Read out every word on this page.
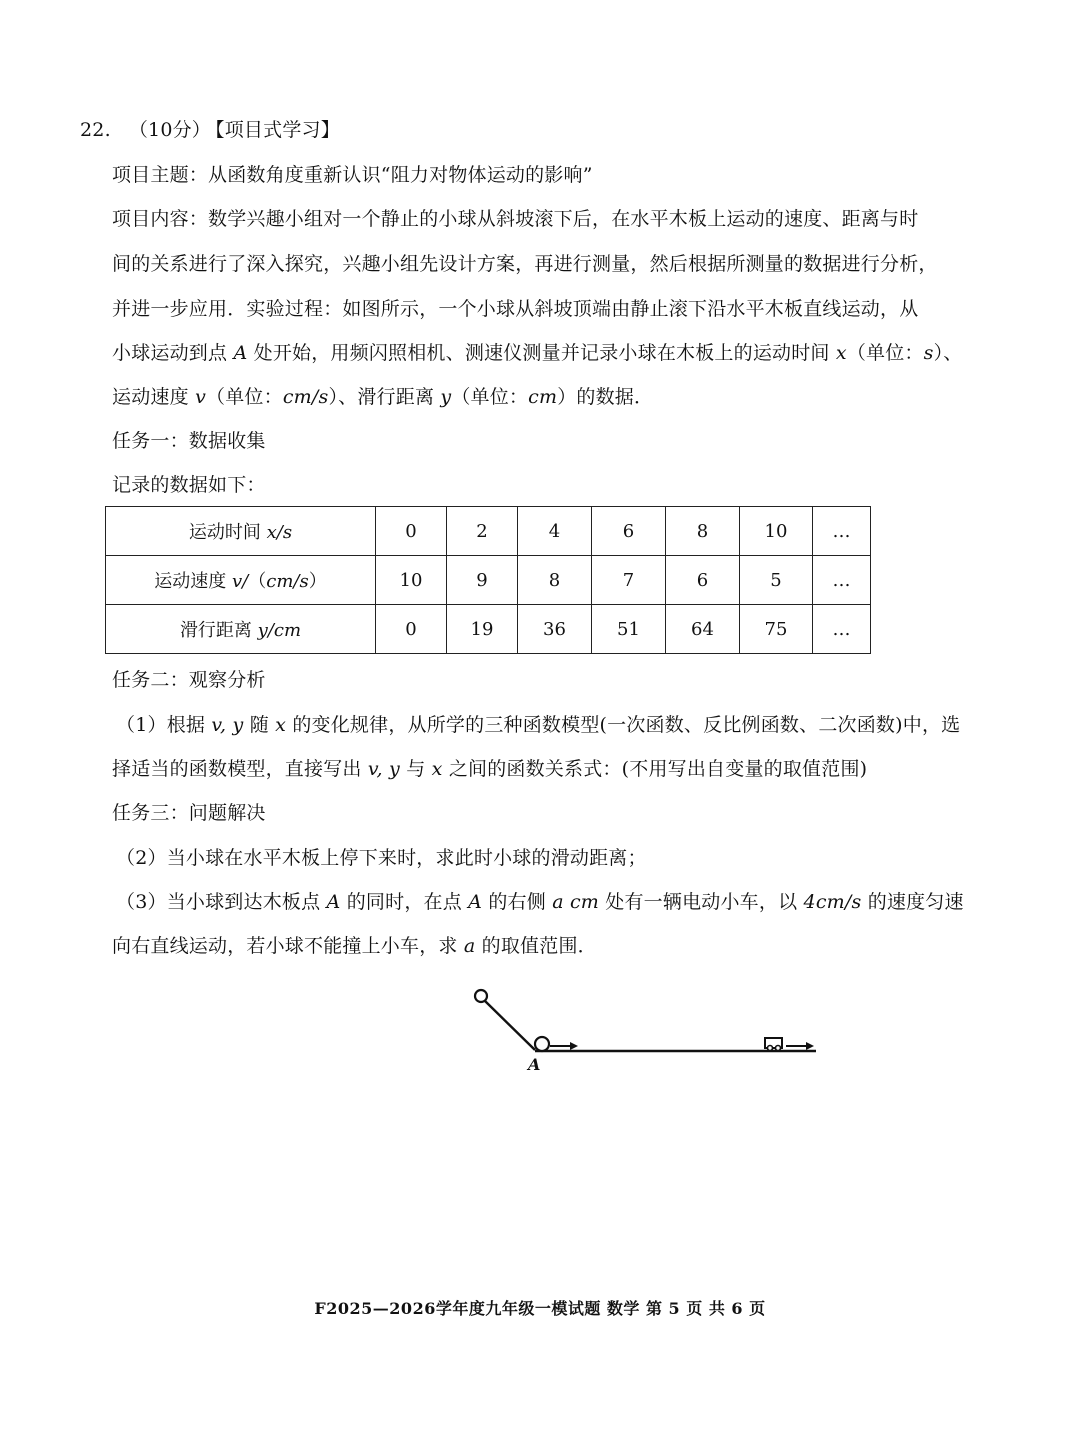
22. （10分） 【项目式学习】
项目主题：从函数角度重新认识“阻力对物体运动的影响”
项目内容：数学兴趣小组对一个静止的小球从斜坡滚下后，在水平木板上运动的速度、距离与时
间的关系进行了深入探究，兴趣小组先设计方案，再进行测量，然后根据所测量的数据进行分析，
并进一步应用．实验过程：如图所示，一个小球从斜坡顶端由静止滚下沿水平木板直线运动，从
小球运动到点 A 处开始，用频闪照相机、测速仪测量并记录小球在木板上的运动时间 x（单位：s）、
运动速度 v（单位：cm/s）、滑行距离 y（单位：cm）的数据．
任务一：数据收集
记录的数据如下：
运动时间 x/s	0	2	4	6	8	10	…
运动速度 v/（cm/s）	10	9	8	7	6	5	…
滑行距离 y/cm	0	19	36	51	64	75	…
任务二：观察分析
（1）根据 v, y 随 x 的变化规律，从所学的三种函数模型(一次函数、反比例函数、二次函数)中，选
择适当的函数模型，直接写出 v, y 与 x 之间的函数关系式：(不用写出自变量的取值范围)
任务三：问题解决
（2）当小球在水平木板上停下来时，求此时小球的滑动距离；
（3）当小球到达木板点 A 的同时，在点 A 的右侧 a cm 处有一辆电动小车，以 4cm/s 的速度匀速
向右直线运动，若小球不能撞上小车，求 a 的取值范围．
A
F2025—2026学年度九年级一模试题 数学 第 5 页 共 6 页
